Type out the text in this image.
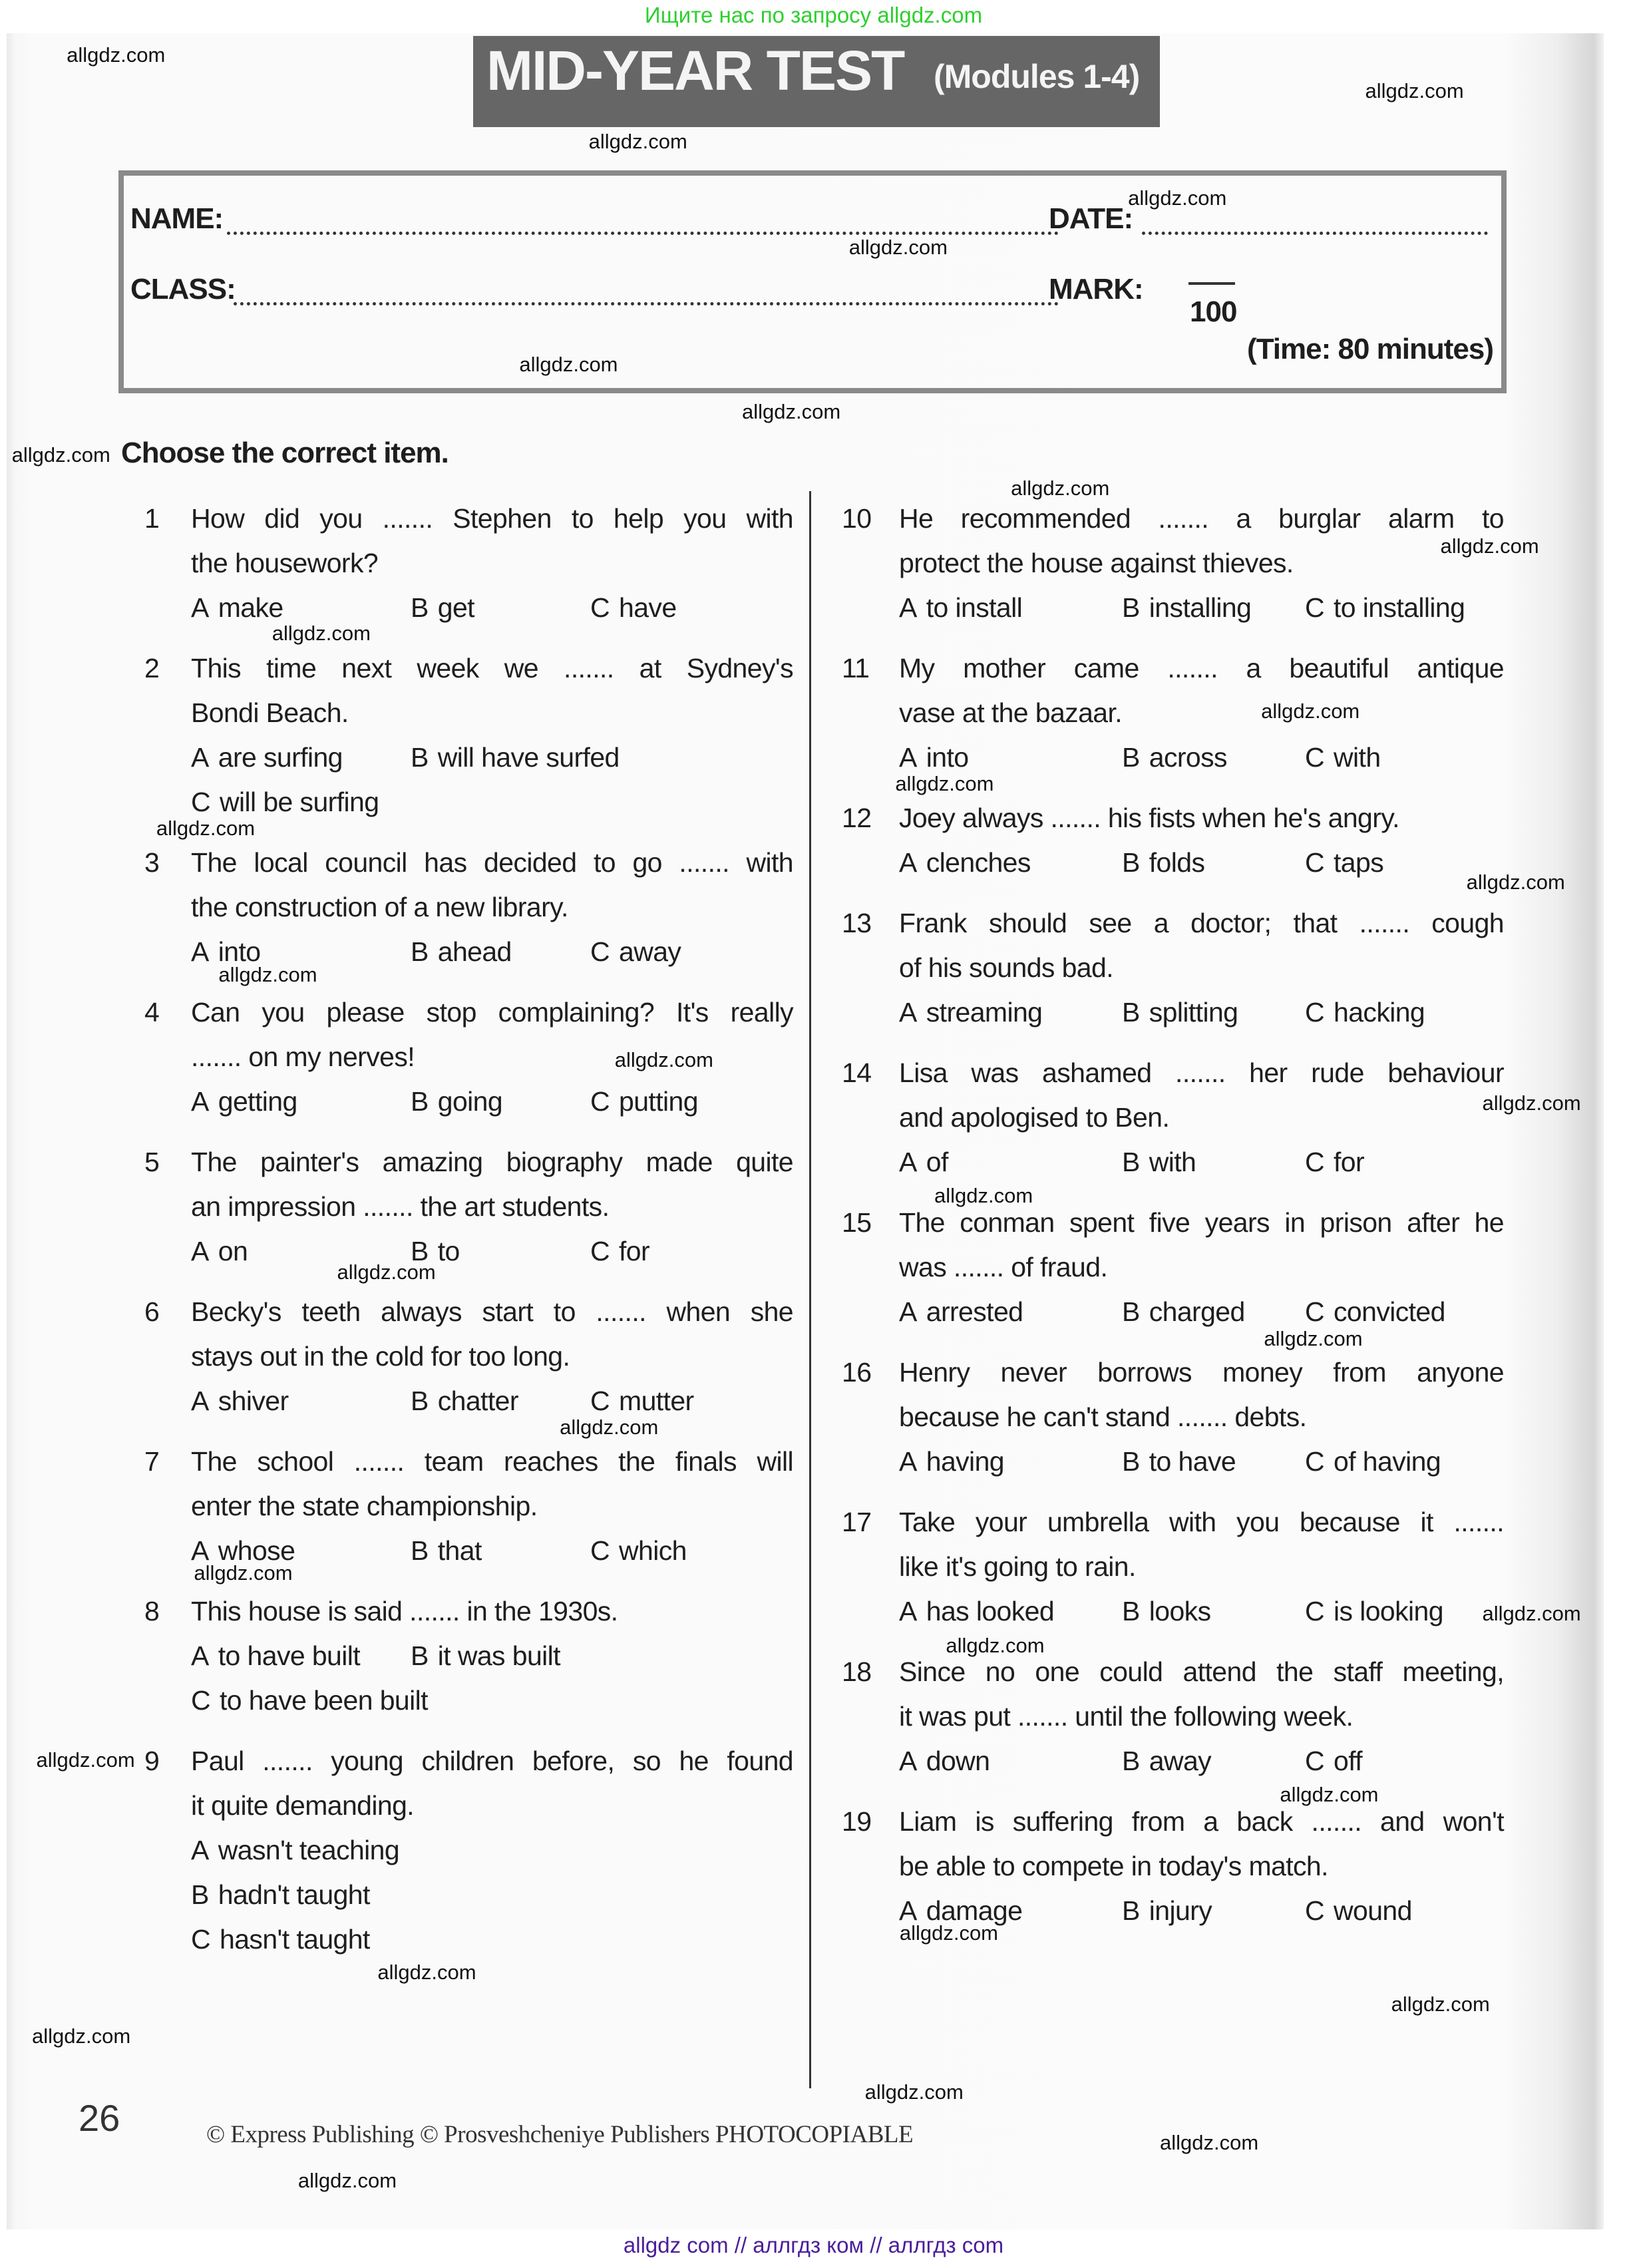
Ищите нас по запросу allgdz.com
MID-YEAR TEST (Modules 1-4)
NAME:	DATE:
CLASS:	MARK:
100
(Time: 80 minutes)
Choose the correct item.
1 How did you ....... Stephen to help you with
the housework?
A make	B get	C have
2 This time next week we ....... at Sydney's
Bondi Beach.
A are surfing B will have surfed
C will be surfing
3 The local council has decided to go ....... with
the construction of a new library.
A into	B ahead	C away
4 Can you please stop complaining? It's really
....... on my nerves!
A getting	B going	C putting
5 The painter's amazing biography made quite
an impression ....... the art students.
A on	B to	C for
6 Becky's teeth always start to ....... when she
stays out in the cold for too long.
A shiver	B chatter	C mutter
7 The school ....... team reaches the finals will
enter the state championship.
A whose	B that	C which
8 This house is said ....... in the 1930s.
A to have built B it was built
C to have been built
9 Paul ....... young children before, so he found
it quite demanding.
A wasn't teaching
B hadn't taught
C hasn't taught
10 He recommended ....... a burglar alarm to
protect the house against thieves.
A to install	B installing C to installing
11 My mother came ....... a beautiful antique
vase at the bazaar.
A into	B across	C with
12 Joey always ....... his fists when he's angry.
A clenches	B folds	C taps
13 Frank should see a doctor; that ....... cough
of his sounds bad.
A streaming	B splitting C hacking
14 Lisa was ashamed ....... her rude behaviour
and apologised to Ben.
A of	B with	C for
15 The conman spent five years in prison after he
was ....... of fraud.
A arrested	B charged C convicted
16 Henry never borrows money from anyone
because he can't stand ....... debts.
A having	B to have	C of having
17 Take your umbrella with you because it .......
like it's going to rain.
A has looked B looks	C is looking
18 Since no one could attend the staff meeting,
it was put ....... until the following week.
A down	B away	C off
19 Liam is suffering from a back ....... and won't
be able to compete in today's match.
A damage	B injury	C wound
26	© Express Publishing © Prosveshcheniye Publishers PHOTOCOPIABLE
allgdz.com
allgdz.com
allgdz.com
allgdz.com
allgdz.com
allgdz.com
allgdz.com
allgdz.com
allgdz.com
allgdz.com
allgdz.com
allgdz.com
allgdz.com
allgdz.com
allgdz.com
allgdz.com
allgdz.com
allgdz.com
allgdz.com
allgdz.com
allgdz.com
allgdz.com
allgdz.com
allgdz.com
allgdz.com
allgdz.com
allgdz.com
allgdz.com
allgdz.com
allgdz.com
allgdz.com
allgdz.com
allgdz.com
allgdz.com
allgdz com // аллгдз ком // аллгдз com
